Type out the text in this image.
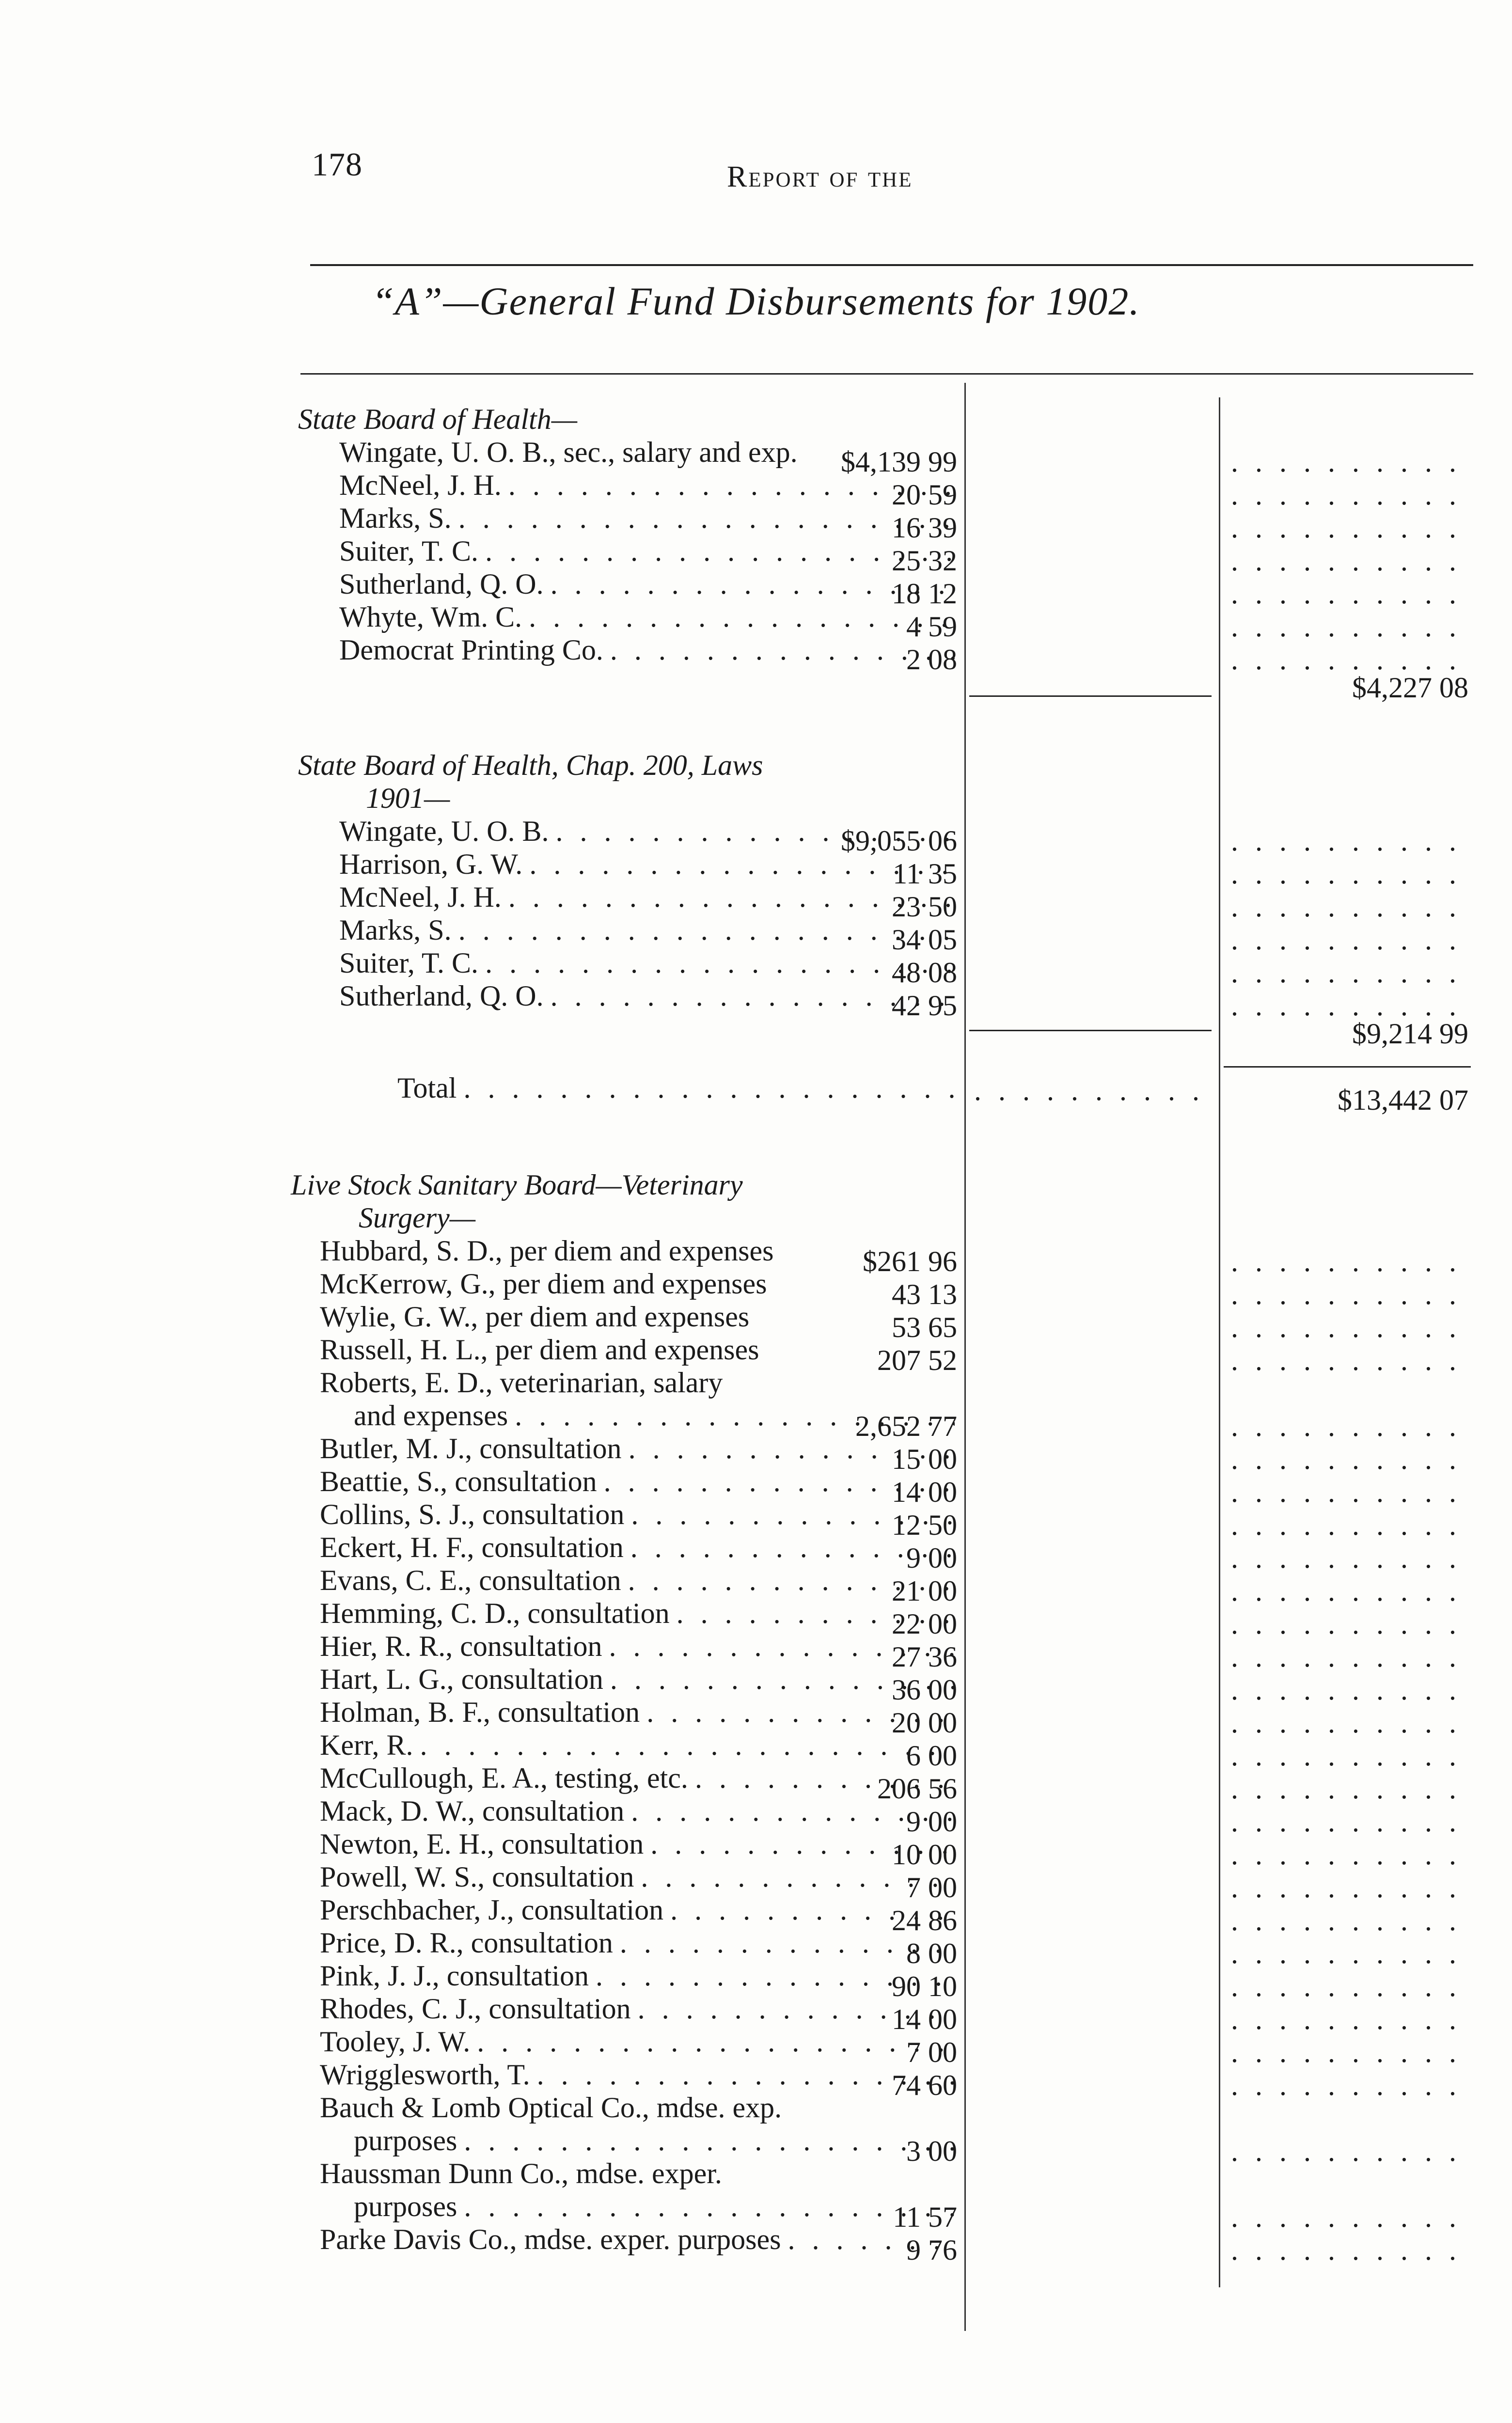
178	Report of the
“A”—General Fund Disbursements for 1902.
State Board of Health—
Wingate, U. O. B., sec., salary and exp.	$4,139 99
. . .
McNeel, J. H. . . .	20 59
. . .
Marks, S. . . .	16 39
. . .
Suiter, T. C. . . .	25 32
. . .
Sutherland, Q. O. . . .	18 12
. . .
Whyte, Wm. C. . . .	4 59
. . .
Democrat Printing Co. . . .	2 08
. . .
$4,227 08
State Board of Health, Chap. 200, Laws
1901—
Wingate, U. O. B. . . .	$9,055 06
. . .
Harrison, G. W. . . .	11 35
. . .
McNeel, J. H. . . .	23 50
. . .
Marks, S. . . .	34 05
. . .
Suiter, T. C. . . .	48 08
. . .
Sutherland, Q. O. . . .	42 95
. . .
$9,214 99
Total . . . . . .	$13,442 07
Live Stock Sanitary Board—Veterinary
Surgery—
Hubbard, S. D., per diem and expenses	$261 96
. . .
McKerrow, G., per diem and expenses	43 13
. . .
Wylie, G. W., per diem and expenses	53 65
. . .
Russell, H. L., per diem and expenses	207 52
. . .
Roberts, E. D., veterinarian, salary
and expenses . . .	2,652 77
. . .
Butler, M. J., consultation . . .	15 00
. . .
Beattie, S., consultation . . .	14 00
. . .
Collins, S. J., consultation . . .	12 50
. . .
Eckert, H. F., consultation . . .	9 00
. . .
Evans, C. E., consultation . . .	21 00
. . .
Hemming, C. D., consultation . . .	22 00
. . .
Hier, R. R., consultation . . .	27 36
. . .
Hart, L. G., consultation . . .	36 00
. . .
Holman, B. F., consultation . . .	20 00
. . .
Kerr, R. . . .	6 00
. . .
McCullough, E. A., testing, etc. . . .	206 56
. . .
Mack, D. W., consultation . . .	9 00
. . .
Newton, E. H., consultation . . .	10 00
. . .
Powell, W. S., consultation . . .	7 00
. . .
Perschbacher, J., consultation . . .	24 86
. . .
Price, D. R., consultation . . .	8 00
. . .
Pink, J. J., consultation . . .	90 10
. . .
Rhodes, C. J., consultation . . .	14 00
. . .
Tooley, J. W. . . .	7 00
. . .
Wrigglesworth, T. . . .	74 60
. . .
Bauch & Lomb Optical Co., mdse. exp.
purposes . . .	3 00
. . .
Haussman Dunn Co., mdse. exper.
purposes . . .	11 57
. . .
Parke Davis Co., mdse. exper. purposes . . .	9 76
. . .
